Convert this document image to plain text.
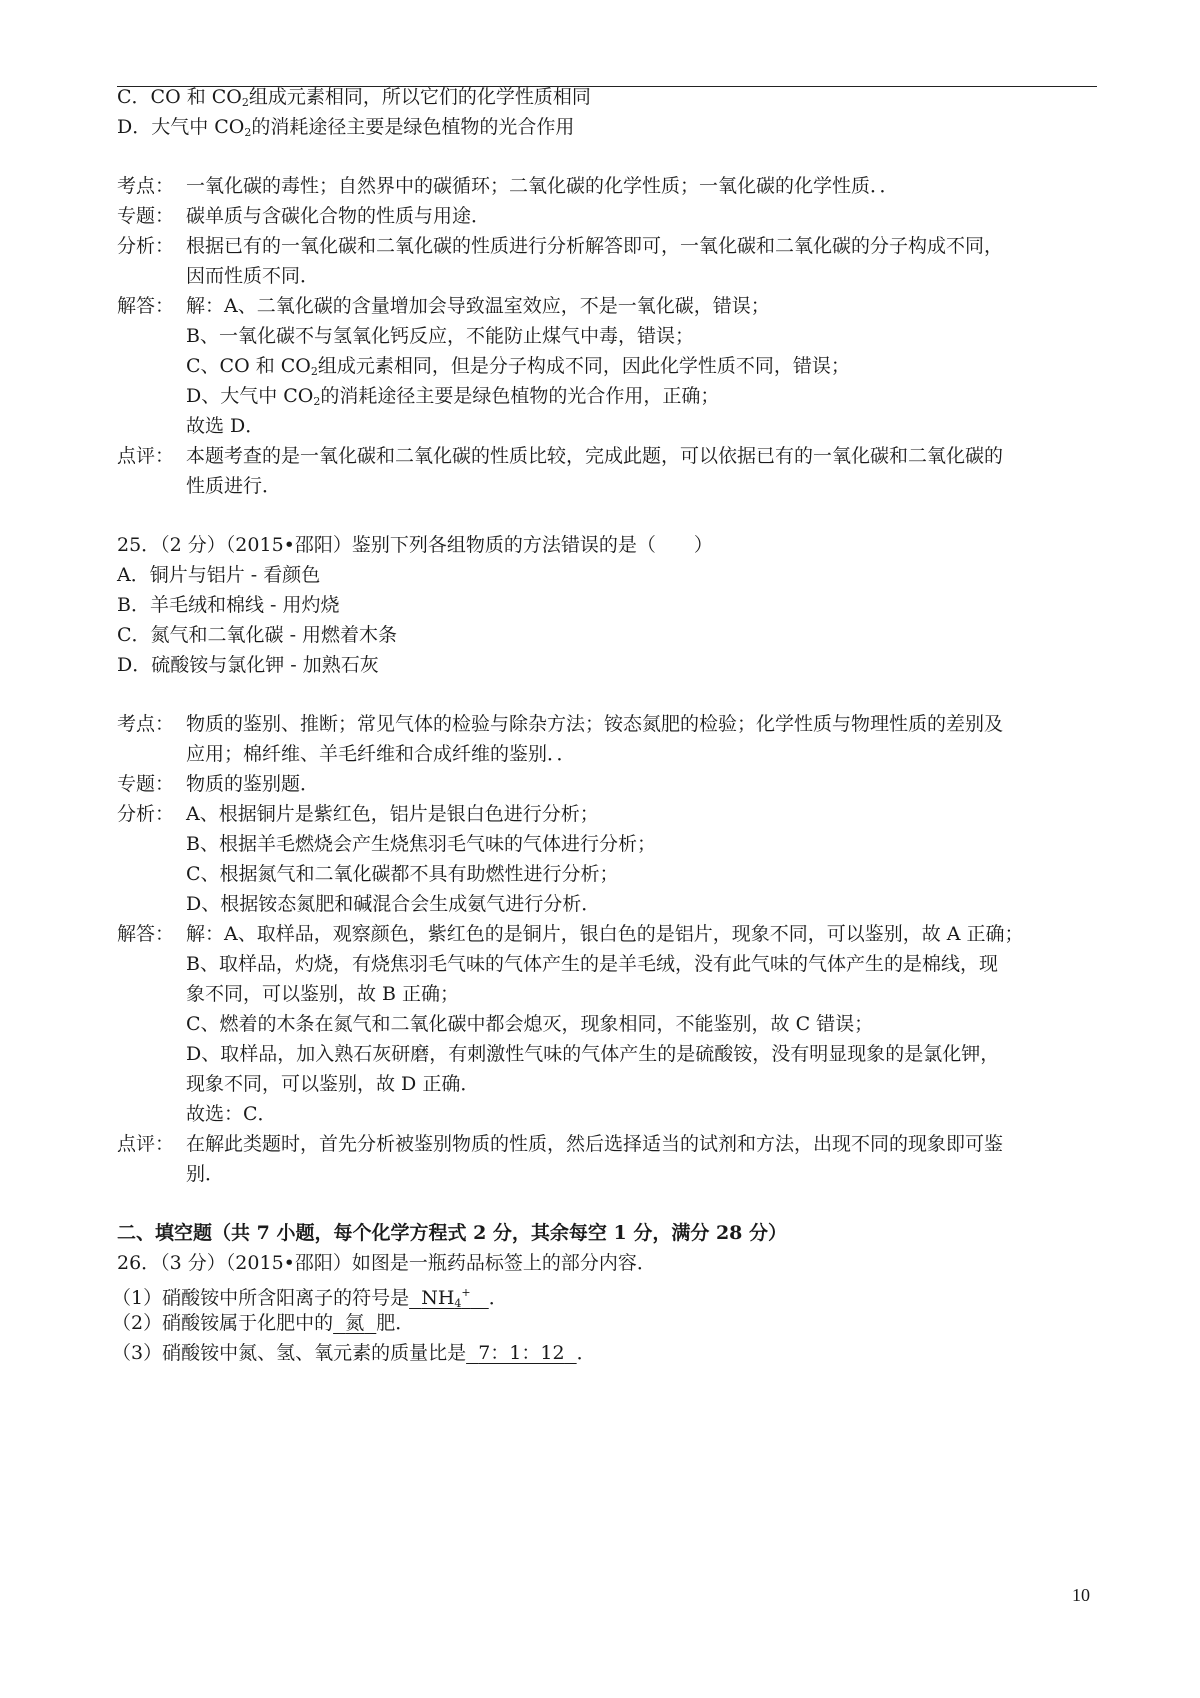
C．CO 和 $CO_2$组成元素相同，所以它们的化学性质相同
D．大气中 $CO_2$的消耗途径主要是绿色植物的光合作用
考点： 一氧化碳的毒性；自然界中的碳循环；二氧化碳的化学性质；一氧化碳的化学性质．．
专题： 碳单质与含碳化合物的性质与用途．
分析： 根据已有的一氧化碳和二氧化碳的性质进行分析解答即可，一氧化碳和二氧化碳的分子构成不同，
因而性质不同．
解答： 解：A、二氧化碳的含量增加会导致温室效应，不是一氧化碳，错误；
B、一氧化碳不与氢氧化钙反应，不能防止煤气中毒，错误；
C、CO 和 $CO_2$组成元素相同，但是分子构成不同，因此化学性质不同，错误；
D、大气中 $CO_2$的消耗途径主要是绿色植物的光合作用，正确；
故选 D．
点评： 本题考查的是一氧化碳和二氧化碳的性质比较，完成此题，可以依据已有的一氧化碳和二氧化碳的
性质进行．
25．（2 分）（2015•邵阳）鉴别下列各组物质的方法错误的是（　　）
A．铜片与铝片 - 看颜色
B．羊毛绒和棉线 - 用灼烧
C．氮气和二氧化碳 - 用燃着木条
D．硫酸铵与氯化钾 - 加熟石灰
考点： 物质的鉴别、推断；常见气体的检验与除杂方法；铵态氮肥的检验；化学性质与物理性质的差别及
应用；棉纤维、羊毛纤维和合成纤维的鉴别．．
专题： 物质的鉴别题．
分析： A、根据铜片是紫红色，铝片是银白色进行分析；
B、根据羊毛燃烧会产生烧焦羽毛气味的气体进行分析；
C、根据氮气和二氧化碳都不具有助燃性进行分析；
D、根据铵态氮肥和碱混合会生成氨气进行分析．
解答： 解：A、取样品，观察颜色，紫红色的是铜片，银白色的是铝片，现象不同，可以鉴别，故 A 正确；
B、取样品，灼烧，有烧焦羽毛气味的气体产生的是羊毛绒，没有此气味的气体产生的是棉线，现
象不同，可以鉴别，故 B 正确；
C、燃着的木条在氮气和二氧化碳中都会熄灭，现象相同，不能鉴别，故 C 错误；
D、取样品，加入熟石灰研磨，有刺激性气味的气体产生的是硫酸铵，没有明显现象的是氯化钾，
现象不同，可以鉴别，故 D 正确．
故选：C．
点评： 在解此类题时，首先分析被鉴别物质的性质，然后选择适当的试剂和方法，出现不同的现象即可鉴
别．
二、填空题（共 7 小题，每个化学方程式 2 分，其余每空 1 分，满分 28 分）
26．（3 分）（2015•邵阳）如图是一瓶药品标签上的部分内容．
（1）硝酸铵中所含阳离子的符号是 $NH_4^+$ ．
（2）硝酸铵属于化肥中的 氮 肥．
（3）硝酸铵中氮、氢、氧元素的质量比是 7：1：12 ．
10
